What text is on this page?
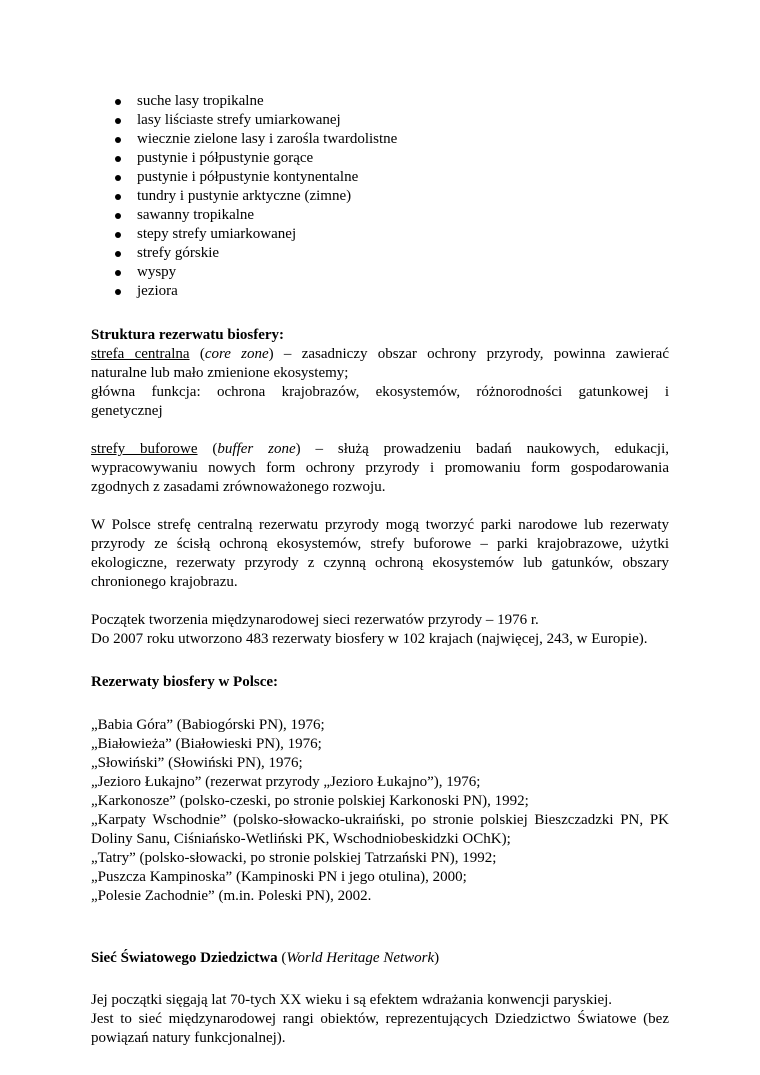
suche lasy tropikalne
lasy liściaste strefy umiarkowanej
wiecznie zielone lasy i zarośla twardolistne
pustynie i półpustynie gorące
pustynie i półpustynie kontynentalne
tundry i pustynie arktyczne (zimne)
sawanny tropikalne
stepy strefy umiarkowanej
strefy górskie
wyspy
jeziora

Struktura rezerwatu biosfery:

strefa centralna (core zone) – zasadniczy obszar ochrony przyrody, powinna zawierać

naturalne lub mało zmienione ekosystemy;

główna funkcja: ochrona krajobrazów, ekosystemów, różnorodności gatunkowej i

genetycznej

strefy buforowe (buffer zone) – służą prowadzeniu badań naukowych, edukacji,

wypracowywaniu nowych form ochrony przyrody i promowaniu form gospodarowania

zgodnych z zasadami zrównoważonego rozwoju.

W Polsce strefę centralną rezerwatu przyrody mogą tworzyć parki narodowe lub rezerwaty

przyrody ze ścisłą ochroną ekosystemów, strefy buforowe – parki krajobrazowe, użytki

ekologiczne, rezerwaty przyrody z czynną ochroną ekosystemów lub gatunków, obszary

chronionego krajobrazu.

Początek tworzenia międzynarodowej sieci rezerwatów przyrody – 1976 r.

Do 2007 roku utworzono 483 rezerwaty biosfery w 102 krajach (najwięcej, 243, w Europie).

Rezerwaty biosfery w Polsce:

„Babia Góra” (Babiogórski PN), 1976;

„Białowieża” (Białowieski PN), 1976;

„Słowiński” (Słowiński PN), 1976;

„Jezioro Łukajno” (rezerwat przyrody „Jezioro Łukajno”), 1976;

„Karkonosze” (polsko-czeski, po stronie polskiej Karkonoski PN), 1992;

„Karpaty Wschodnie” (polsko-słowacko-ukraiński, po stronie polskiej Bieszczadzki PN, PK

Doliny Sanu, Ciśniańsko-Wetliński PK, Wschodniobeskidzki OChK);

„Tatry” (polsko-słowacki, po stronie polskiej Tatrzański PN), 1992;

„Puszcza Kampinoska” (Kampinoski PN i jego otulina), 2000;

„Polesie Zachodnie” (m.in. Poleski PN), 2002.

Sieć Światowego Dziedzictwa (World Heritage Network)

Jej początki sięgają lat 70-tych XX wieku i są efektem wdrażania konwencji paryskiej.

Jest to sieć międzynarodowej rangi obiektów, reprezentujących Dziedzictwo Światowe (bez

powiązań natury funkcjonalnej).
